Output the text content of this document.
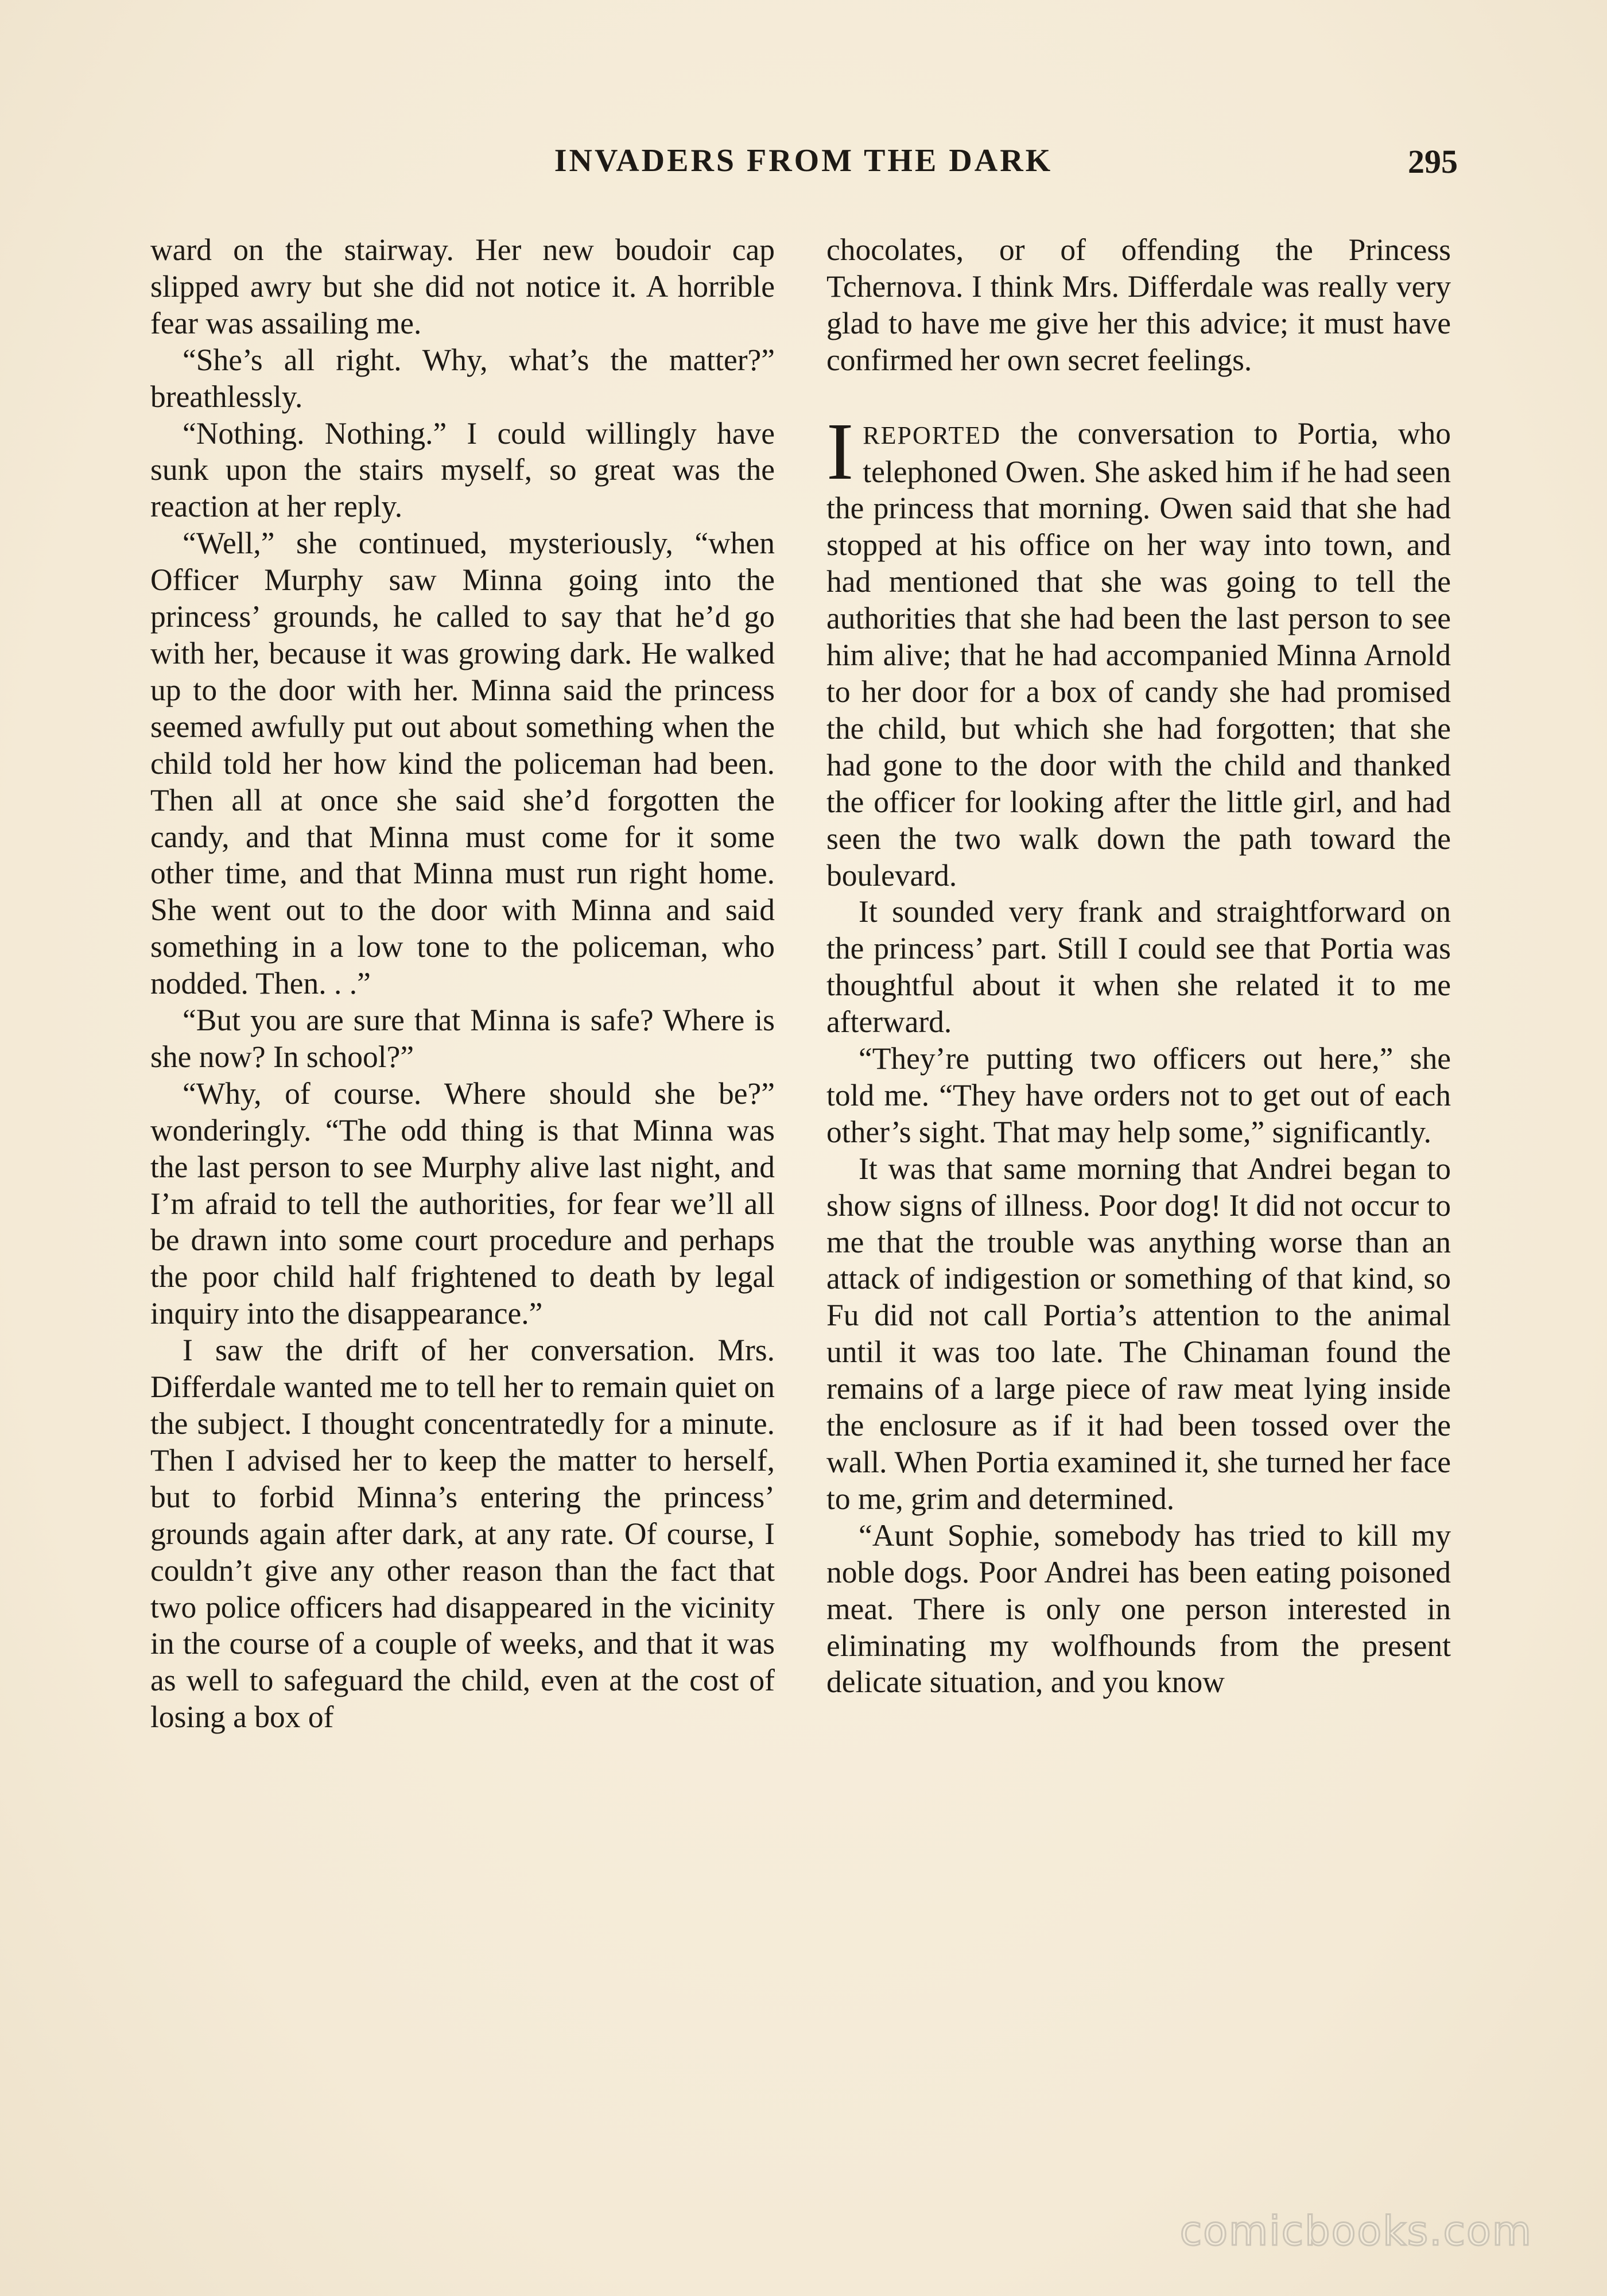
INVADERS FROM THE DARK	295

ward on the stairway. Her new boudoir cap slipped awry but she did not notice it. A horrible fear was assailing me.

“She’s all right. Why, what’s the matter?” breathlessly.

“Nothing. Nothing.” I could willingly have sunk upon the stairs myself, so great was the reaction at her reply.

“Well,” she continued, mysteriously, “when Officer Murphy saw Minna going into the princess’ grounds, he called to say that he’d go with her, because it was growing dark. He walked up to the door with her. Minna said the princess seemed awfully put out about something when the child told her how kind the policeman had been. Then all at once she said she’d forgotten the candy, and that Minna must come for it some other time, and that Minna must run right home. She went out to the door with Minna and said something in a low tone to the policeman, who nodded. Then. . .”

“But you are sure that Minna is safe? Where is she now? In school?”

“Why, of course. Where should she be?” wonderingly. “The odd thing is that Minna was the last person to see Murphy alive last night, and I’m afraid to tell the authorities, for fear we’ll all be drawn into some court procedure and perhaps the poor child half frightened to death by legal inquiry into the disappearance.”

I saw the drift of her conversation. Mrs. Differdale wanted me to tell her to remain quiet on the subject. I thought concentratedly for a minute. Then I advised her to keep the matter to herself, but to forbid Minna’s entering the princess’ grounds again after dark, at any rate. Of course, I couldn’t give any other reason than the fact that two police officers had disappeared in the vicinity in the course of a couple of weeks, and that it was as well to safeguard the child, even at the cost of losing a box of

chocolates, or of offending the Princess Tchernova. I think Mrs. Differdale was really very glad to have me give her this advice; it must have confirmed her own secret feelings.

IREPORTED the conversation to Portia, who telephoned Owen. She asked him if he had seen the princess that morning. Owen said that she had stopped at his office on her way into town, and had mentioned that she was going to tell the authorities that she had been the last person to see him alive; that he had accompanied Minna Arnold to her door for a box of candy she had promised the child, but which she had forgotten; that she had gone to the door with the child and thanked the officer for looking after the little girl, and had seen the two walk down the path toward the boulevard.

It sounded very frank and straightforward on the princess’ part. Still I could see that Portia was thoughtful about it when she related it to me afterward.

“They’re putting two officers out here,” she told me. “They have orders not to get out of each other’s sight. That may help some,” significantly.

It was that same morning that Andrei began to show signs of illness. Poor dog! It did not occur to me that the trouble was anything worse than an attack of indigestion or something of that kind, so Fu did not call Portia’s attention to the animal until it was too late. The Chinaman found the remains of a large piece of raw meat lying inside the enclosure as if it had been tossed over the wall. When Portia examined it, she turned her face to me, grim and determined.

“Aunt Sophie, somebody has tried to kill my noble dogs. Poor Andrei has been eating poisoned meat. There is only one person interested in eliminating my wolfhounds from the present delicate situation, and you know

comicbooks.com
